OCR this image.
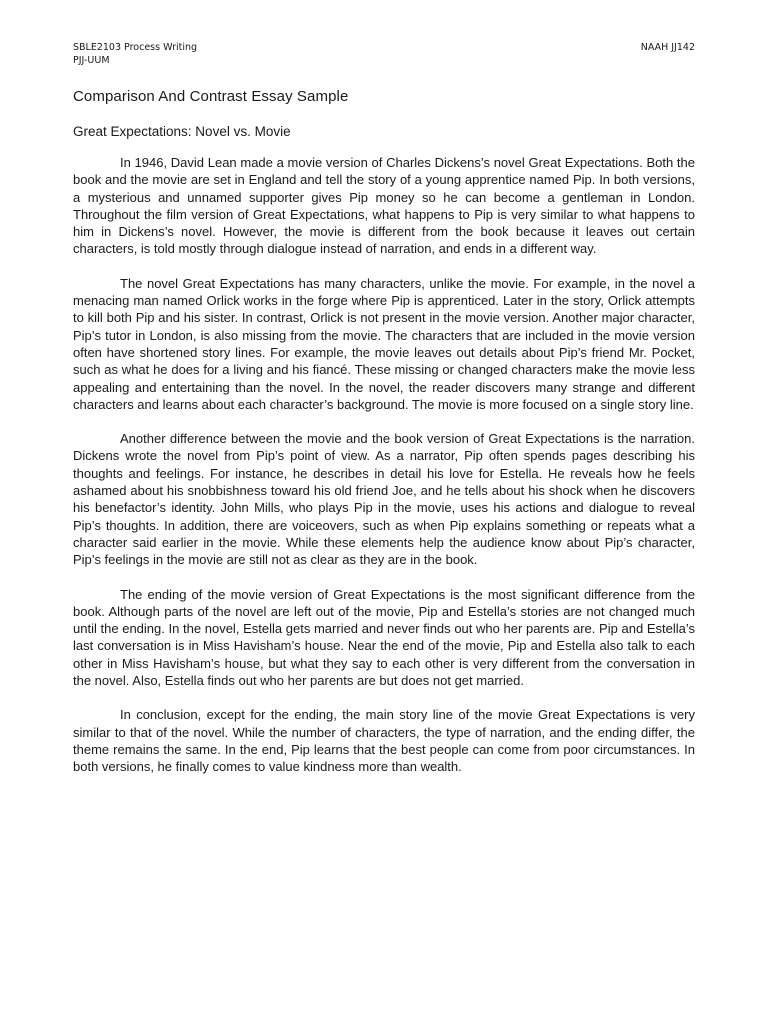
SBLE2103 Process Writing
PJJ-UUM
NAAH JJ142
Comparison And Contrast Essay Sample
Great Expectations: Novel vs. Movie

In 1946, David Lean made a movie version of Charles Dickens’s novel Great Expectations. Both the book and the movie are set in England and tell the story of a young apprentice named Pip. In both versions, a mysterious and unnamed supporter gives Pip money so he can become a gentleman in London. Throughout the film version of Great Expectations, what happens to Pip is very similar to what happens to him in Dickens’s novel. However, the movie is different from the book because it leaves out certain characters, is told mostly through dialogue instead of narration, and ends in a different way.

The novel Great Expectations has many characters, unlike the movie. For example, in the novel a menacing man named Orlick works in the forge where Pip is apprenticed. Later in the story, Orlick attempts to kill both Pip and his sister. In contrast, Orlick is not present in the movie version. Another major character, Pip’s tutor in London, is also missing from the movie. The characters that are included in the movie version often have shortened story lines. For example, the movie leaves out details about Pip’s friend Mr. Pocket, such as what he does for a living and his fiancé. These missing or changed characters make the movie less appealing and entertaining than the novel. In the novel, the reader discovers many strange and different characters and learns about each character’s background. The movie is more focused on a single story line.

Another difference between the movie and the book version of Great Expectations is the narration. Dickens wrote the novel from Pip’s point of view. As a narrator, Pip often spends pages describing his thoughts and feelings. For instance, he describes in detail his love for Estella. He reveals how he feels ashamed about his snobbishness toward his old friend Joe, and he tells about his shock when he discovers his benefactor’s identity. John Mills, who plays Pip in the movie, uses his actions and dialogue to reveal Pip’s thoughts. In addition, there are voiceovers, such as when Pip explains something or repeats what a character said earlier in the movie. While these elements help the audience know about Pip’s character, Pip’s feelings in the movie are still not as clear as they are in the book.

The ending of the movie version of Great Expectations is the most significant difference from the book. Although parts of the novel are left out of the movie, Pip and Estella’s stories are not changed much until the ending. In the novel, Estella gets married and never finds out who her parents are. Pip and Estella’s last conversation is in Miss Havisham’s house. Near the end of the movie, Pip and Estella also talk to each other in Miss Havisham’s house, but what they say to each other is very different from the conversation in the novel. Also, Estella finds out who her parents are but does not get married.

In conclusion, except for the ending, the main story line of the movie Great Expectations is very similar to that of the novel. While the number of characters, the type of narration, and the ending differ, the theme remains the same. In the end, Pip learns that the best people can come from poor circumstances. In both versions, he finally comes to value kindness more than wealth.
